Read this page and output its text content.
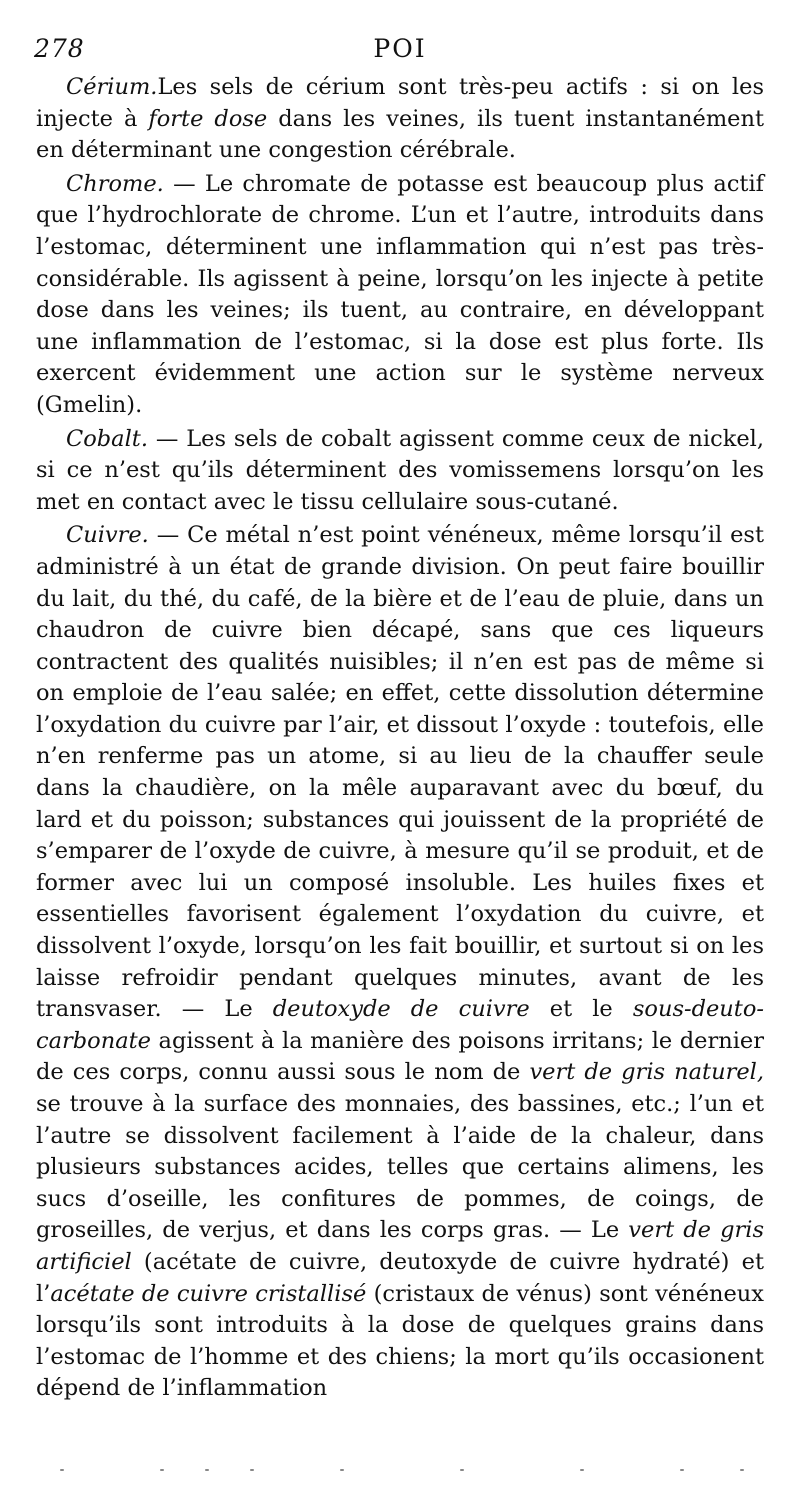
278	POI

Cérium.Les sels de cérium sont très-peu actifs : si on les injecte à forte dose dans les veines, ils tuent instantanément en déterminant une congestion cérébrale.

Chrome. — Le chromate de potasse est beaucoup plus actif que l’hydrochlorate de chrome. L’un et l’autre, introduits dans l’estomac, déterminent une inflammation qui n’est pas très-considérable. Ils agissent à peine, lorsqu’on les injecte à petite dose dans les veines; ils tuent, au contraire, en développant une inflammation de l’estomac, si la dose est plus forte. Ils exercent évidemment une action sur le système nerveux (Gmelin).

Cobalt. — Les sels de cobalt agissent comme ceux de nickel, si ce n’est qu’ils déterminent des vomissemens lorsqu’on les met en contact avec le tissu cellulaire sous-cutané.

Cuivre. — Ce métal n’est point vénéneux, même lorsqu’il est administré à un état de grande division. On peut faire bouillir du lait, du thé, du café, de la bière et de l’eau de pluie, dans un chaudron de cuivre bien décapé, sans que ces liqueurs contractent des qualités nuisibles; il n’en est pas de même si on emploie de l’eau salée; en effet, cette dissolution détermine l’oxydation du cuivre par l’air, et dissout l’oxyde : toutefois, elle n’en renferme pas un atome, si au lieu de la chauffer seule dans la chaudière, on la mêle auparavant avec du bœuf, du lard et du poisson; substances qui jouissent de la propriété de s’emparer de l’oxyde de cuivre, à mesure qu’il se produit, et de former avec lui un composé insoluble. Les huiles fixes et essentielles favorisent également l’oxydation du cuivre, et dissolvent l’oxyde, lorsqu’on les fait bouillir, et surtout si on les laisse refroidir pendant quelques minutes, avant de les transvaser. — Le deutoxyde de cuivre et le sous-deuto-carbonate agissent à la manière des poisons irritans; le dernier de ces corps, connu aussi sous le nom de vert de gris naturel, se trouve à la surface des monnaies, des bassines, etc.; l’un et l’autre se dissolvent facilement à l’aide de la chaleur, dans plusieurs substances acides, telles que certains alimens, les sucs d’oseille, les confitures de pommes, de coings, de groseilles, de verjus, et dans les corps gras. — Le vert de gris artificiel (acétate de cuivre, deutoxyde de cuivre hydraté) et l’acétate de cuivre cristallisé (cristaux de vénus) sont vénéneux lorsqu’ils sont introduits à la dose de quelques grains dans l’estomac de l’homme et des chiens; la mort qu’ils occasionent dépend de l’inflammation
